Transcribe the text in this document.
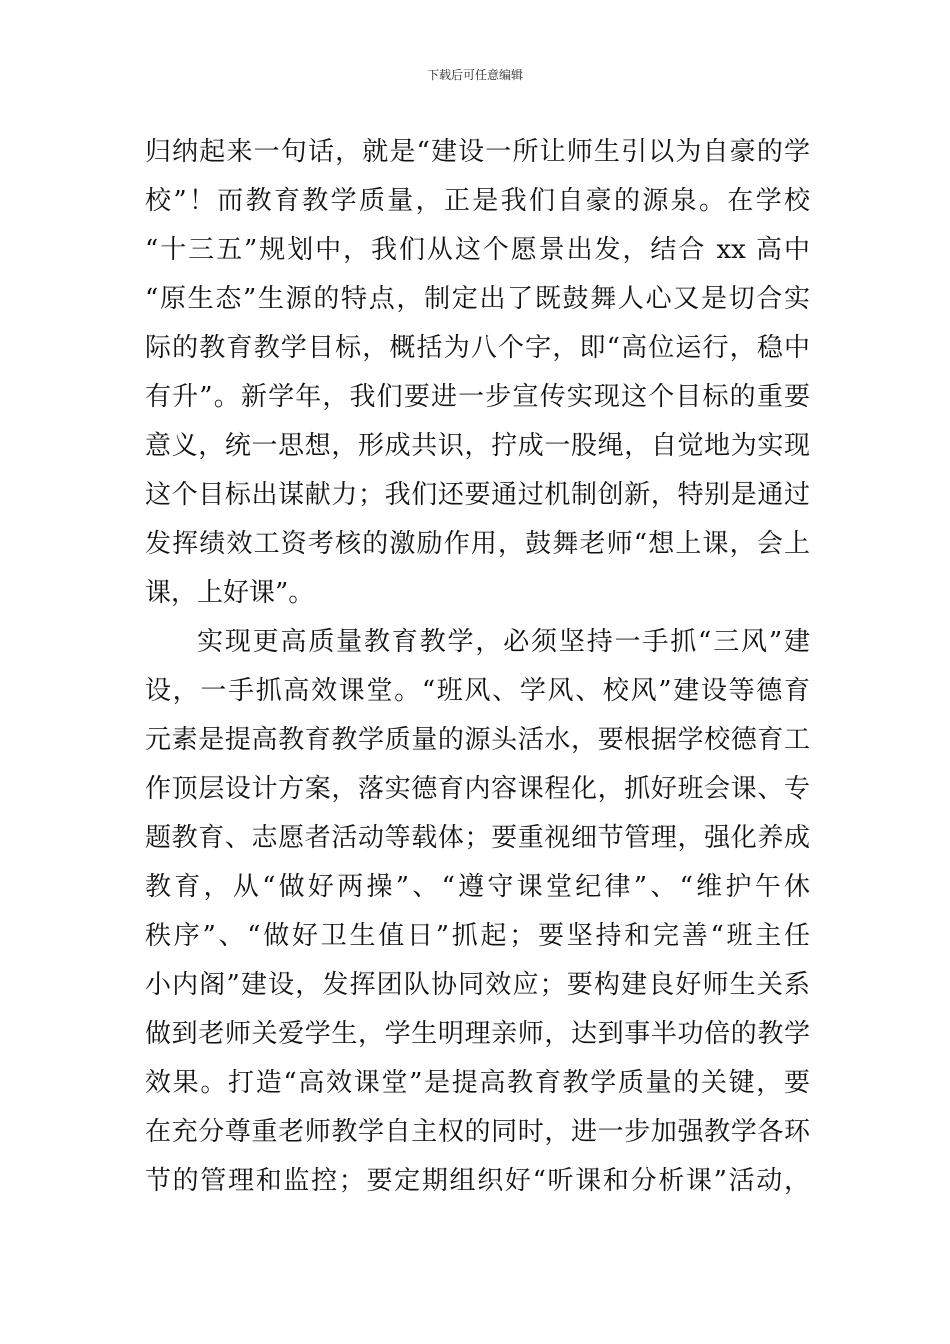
下载后可任意编辑
归纳起来一句话，就是“建设一所让师生引以为自豪的学
校”！而教育教学质量，正是我们自豪的源泉。在学校
“十三五”规划中，我们从这个愿景出发，结合 xx 高中
“原生态”生源的特点，制定出了既鼓舞人心又是切合实
际的教育教学目标，概括为八个字，即“高位运行，稳中
有升”。新学年，我们要进一步宣传实现这个目标的重要
意义，统一思想，形成共识，拧成一股绳，自觉地为实现
这个目标出谋献力；我们还要通过机制创新，特别是通过
发挥绩效工资考核的激励作用，鼓舞老师“想上课，会上
课，上好课”。
实现更高质量教育教学，必须坚持一手抓“三风”建
设，一手抓高效课堂。“班风、学风、校风”建设等德育
元素是提高教育教学质量的源头活水，要根据学校德育工
作顶层设计方案，落实德育内容课程化，抓好班会课、专
题教育、志愿者活动等载体；要重视细节管理，强化养成
教育，从“做好两操”、“遵守课堂纪律”、“维护午休
秩序”、“做好卫生值日”抓起；要坚持和完善“班主任
小内阁”建设，发挥团队协同效应；要构建良好师生关系
做到老师关爱学生，学生明理亲师，达到事半功倍的教学
效果。打造“高效课堂”是提高教育教学质量的关键，要
在充分尊重老师教学自主权的同时，进一步加强教学各环
节的管理和监控；要定期组织好“听课和分析课”活动，
